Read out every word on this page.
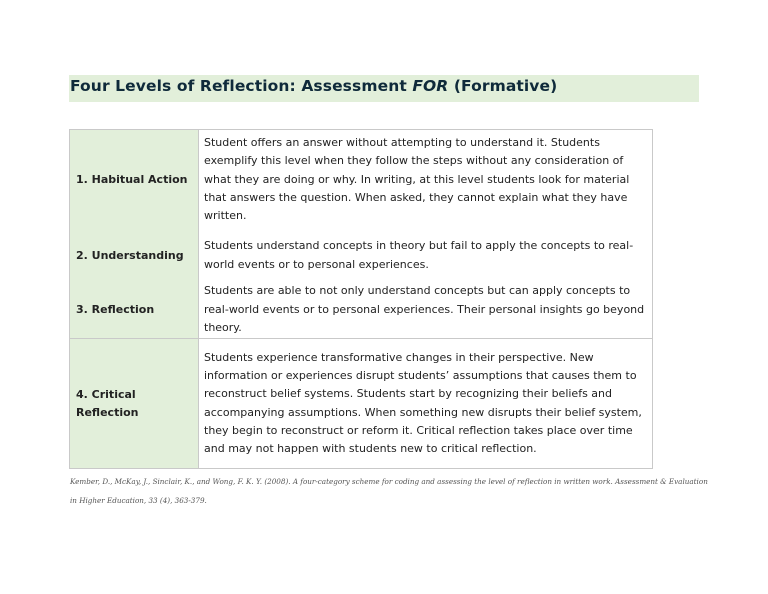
Four Levels of Reflection: Assessment FOR (Formative)
1. Habitual Action	Student offers an answer without attempting to understand it. Students exemplify this level when they follow the steps without any consideration of what they are doing or why. In writing, at this level students look for material that answers the question. When asked, they cannot explain what they have written.
2. Understanding	Students understand concepts in theory but fail to apply the concepts to real-world events or to personal experiences.
3. Reflection	Students are able to not only understand concepts but can apply concepts to real-world events or to personal experiences. Their personal insights go beyond theory.
4. Critical Reflection	Students experience transformative changes in their perspective. New information or experiences disrupt students’ assumptions that causes them to reconstruct belief systems. Students start by recognizing their beliefs and accompanying assumptions. When something new disrupts their belief system, they begin to reconstruct or reform it. Critical reflection takes place over time and may not happen with students new to critical reflection.
Kember, D., McKay, J., Sinclair, K., and Wong, F. K. Y. (2008). A four-category scheme for coding and assessing the level of reflection in written work. Assessment & Evaluation in Higher Education, 33 (4), 363-379.
